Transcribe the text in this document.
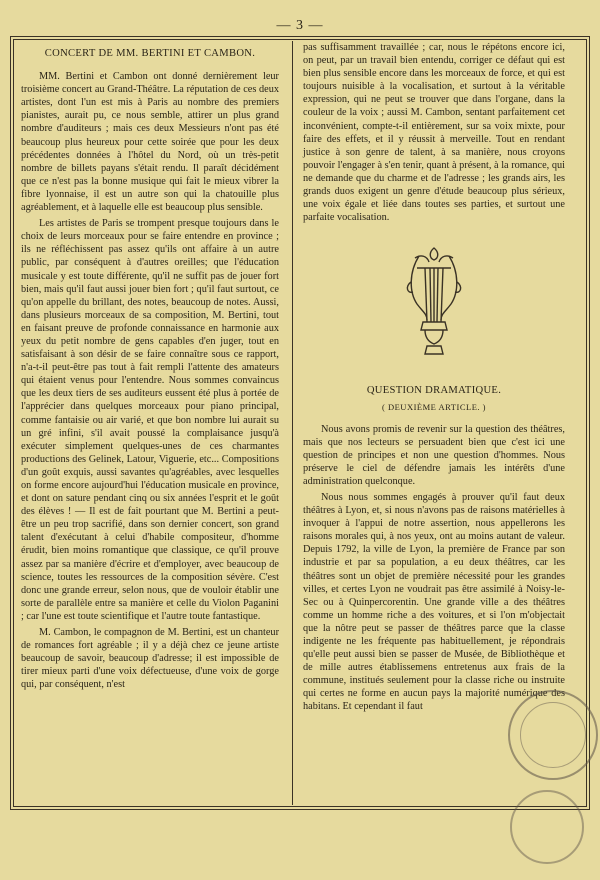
— 3 —
CONCERT DE MM. BERTINI ET CAMBON.

MM. Bertini et Cambon ont donné dernièrement leur troisième concert au Grand-Théâtre. La réputation de ces deux artistes, dont l'un est mis à Paris au nombre des premiers pianistes, aurait pu, ce nous semble, attirer un plus grand nombre d'auditeurs ; mais ces deux Messieurs n'ont pas été beaucoup plus heureux pour cette soirée que pour les deux précédentes données à l'hôtel du Nord, où un très-petit nombre de billets payans s'était rendu. Il paraît décidément que ce n'est pas la bonne musique qui fait le mieux vibrer la fibre lyonnaise, il est un autre son qui la chatouille plus agréablement, et à laquelle elle est beaucoup plus sensible.

Les artistes de Paris se trompent presque toujours dans le choix de leurs morceaux pour se faire entendre en province ; ils ne réfléchissent pas assez qu'ils ont affaire à un autre public, par conséquent à d'autres oreilles; que l'éducation musicale y est toute différente, qu'il ne suffit pas de jouer fort bien, mais qu'il faut aussi jouer bien fort ; qu'il faut surtout, ce qu'on appelle du brillant, des notes, beaucoup de notes. Aussi, dans plusieurs morceaux de sa composition, M. Bertini, tout en faisant preuve de profonde connaissance en harmonie aux yeux du petit nombre de gens capables d'en juger, tout en satisfaisant à son désir de se faire connaître sous ce rapport, n'a-t-il peut-être pas tout à fait rempli l'attente des amateurs qui étaient venus pour l'entendre. Nous sommes convaincus que les deux tiers de ses auditeurs eussent été plus à portée de l'apprécier dans quelques morceaux pour piano principal, comme fantaisie ou air varié, et que bon nombre lui aurait su un gré infini, s'il avait poussé la complaisance jusqu'à exécuter simplement quelques-unes de ces charmantes productions des Gelinek, Latour, Viguerie, etc... Compositions d'un goût exquis, aussi savantes qu'agréables, avec lesquelles on forme encore aujourd'hui l'éducation musicale en province, et dont on sature pendant cinq ou six années l'esprit et le goût des élèves ! — Il est de fait pourtant que M. Bertini a peut-être un peu trop sacrifié, dans son dernier concert, son grand talent d'exécutant à celui d'habile compositeur, d'homme érudit, bien moins romantique que classique, ce qu'il prouve assez par sa manière d'écrire et d'employer, avec beaucoup de science, toutes les ressources de la composition sévère. C'est donc une grande erreur, selon nous, que de vouloir établir une sorte de parallèle entre sa manière et celle du Violon Paganini ; car l'une est toute scientifique et l'autre toute fantastique.

M. Cambon, le compagnon de M. Bertini, est un chanteur de romances fort agréable ; il y a déjà chez ce jeune artiste beaucoup de savoir, beaucoup d'adresse; il est impossible de tirer mieux parti d'une voix défectueuse, d'une voix de gorge qui, par conséquent, n'est

pas suffisamment travaillée ; car, nous le répétons encore ici, on peut, par un travail bien entendu, corriger ce défaut qui est bien plus sensible encore dans les morceaux de force, et qui est toujours nuisible à la vocalisation, et surtout à la véritable expression, qui ne peut se trouver que dans l'organe, dans la couleur de la voix ; aussi M. Cambon, sentant parfaitement cet inconvénient, compte-t-il entièrement, sur sa voix mixte, pour faire des effets, et il y réussit à merveille. Tout en rendant justice à son genre de talent, à sa manière, nous croyons pouvoir l'engager à s'en tenir, quant à présent, à la romance, qui ne demande que du charme et de l'adresse ; les grands airs, les grands duos exigent un genre d'étude beaucoup plus sérieux, une voix égale et liée dans toutes ses parties, et surtout une parfaite vocalisation.

QUESTION DRAMATIQUE.
( DEUXIÈME ARTICLE. )

Nous avons promis de revenir sur la question des théâtres, mais que nos lecteurs se persuadent bien que c'est ici une question de principes et non une question d'hommes. Nous préserve le ciel de défendre jamais les intérêts d'une administration quelconque.

Nous nous sommes engagés à prouver qu'il faut deux théâtres à Lyon, et, si nous n'avons pas de raisons matérielles à invoquer à l'appui de notre assertion, nous appellerons les raisons morales qui, à nos yeux, ont au moins autant de valeur. Depuis 1792, la ville de Lyon, la première de France par son industrie et par sa population, a eu deux théâtres, car les théâtres sont un objet de première nécessité pour les grandes villes, et certes Lyon ne voudrait pas être assimilé à Noisy-le-Sec ou à Quinpercorentin. Une grande ville a des théâtres comme un homme riche a des voitures, et si l'on m'objectait que la nôtre peut se passer de théâtres parce que la classe indigente ne les fréquente pas habituellement, je répondrais qu'elle peut aussi bien se passer de Musée, de Bibliothèque et de mille autres établissemens entretenus aux frais de la commune, institués seulement pour la classe riche ou instruite qui certes ne forme en aucun pays la majorité numérique des habitans. Et cependant il faut
